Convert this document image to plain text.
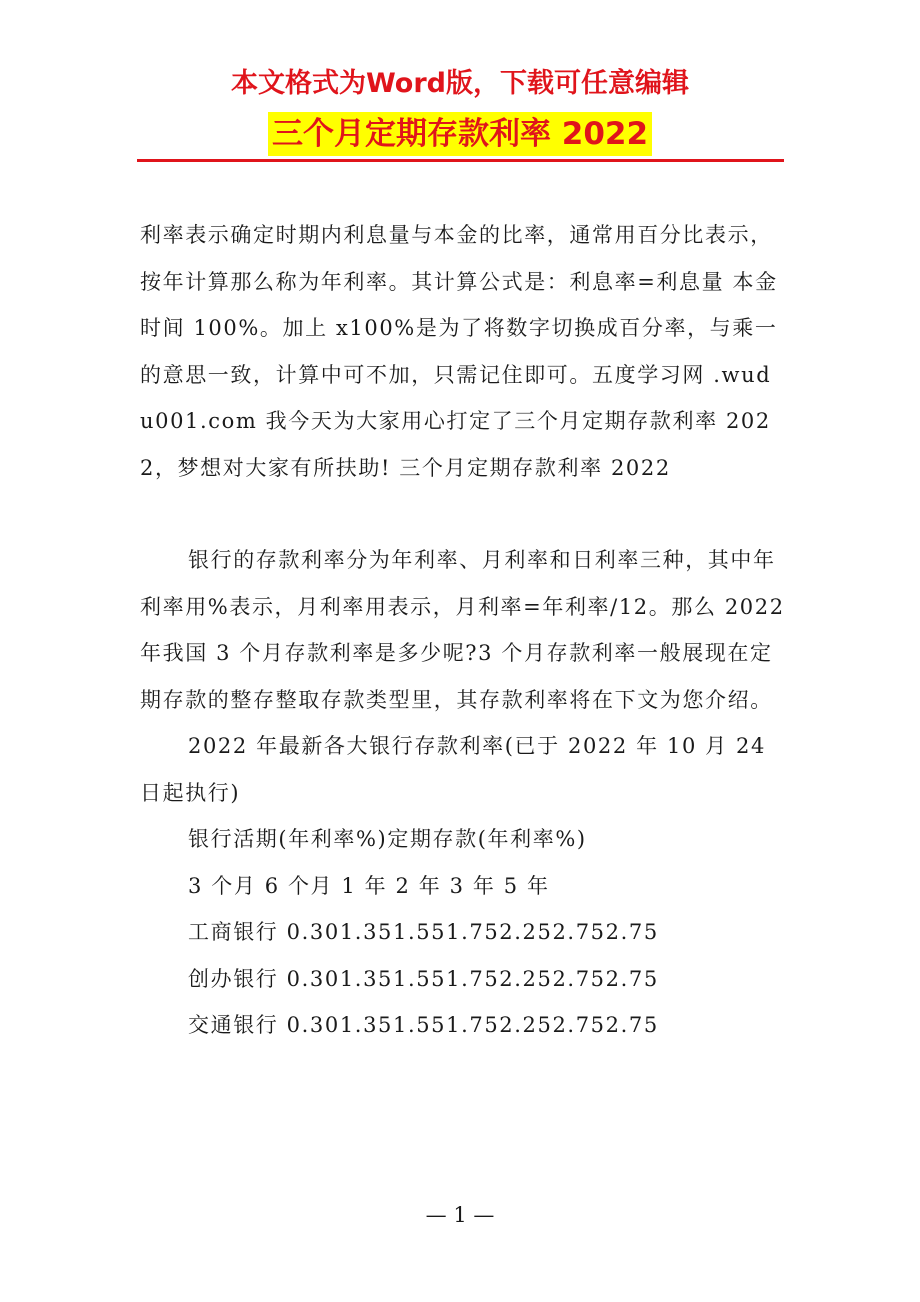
本文格式为Word版，下载可任意编辑
三个月定期存款利率 2022

利率表示确定时期内利息量与本金的比率，通常用百分比表示，按年计算那么称为年利率。其计算公式是：利息率=利息量 本金时间 100%。加上 x100%是为了将数字切换成百分率，与乘一的意思一致，计算中可不加，只需记住即可。五度学习网 .wudu001.com 我今天为大家用心打定了三个月定期存款利率 2022，梦想对大家有所扶助! 三个月定期存款利率 2022

银行的存款利率分为年利率、月利率和日利率三种，其中年利率用%表示，月利率用表示，月利率=年利率/12。那么 2022 年我国 3 个月存款利率是多少呢?3 个月存款利率一般展现在定期存款的整存整取存款类型里，其存款利率将在下文为您介绍。

2022 年最新各大银行存款利率(已于 2022 年 10 月 24 日起执行)

银行活期(年利率%)定期存款(年利率%)

3 个月 6 个月 1 年 2 年 3 年 5 年

工商银行 0.301.351.551.752.252.752.75

创办银行 0.301.351.551.752.252.752.75

交通银行 0.301.351.551.752.252.752.75

— 1 —
